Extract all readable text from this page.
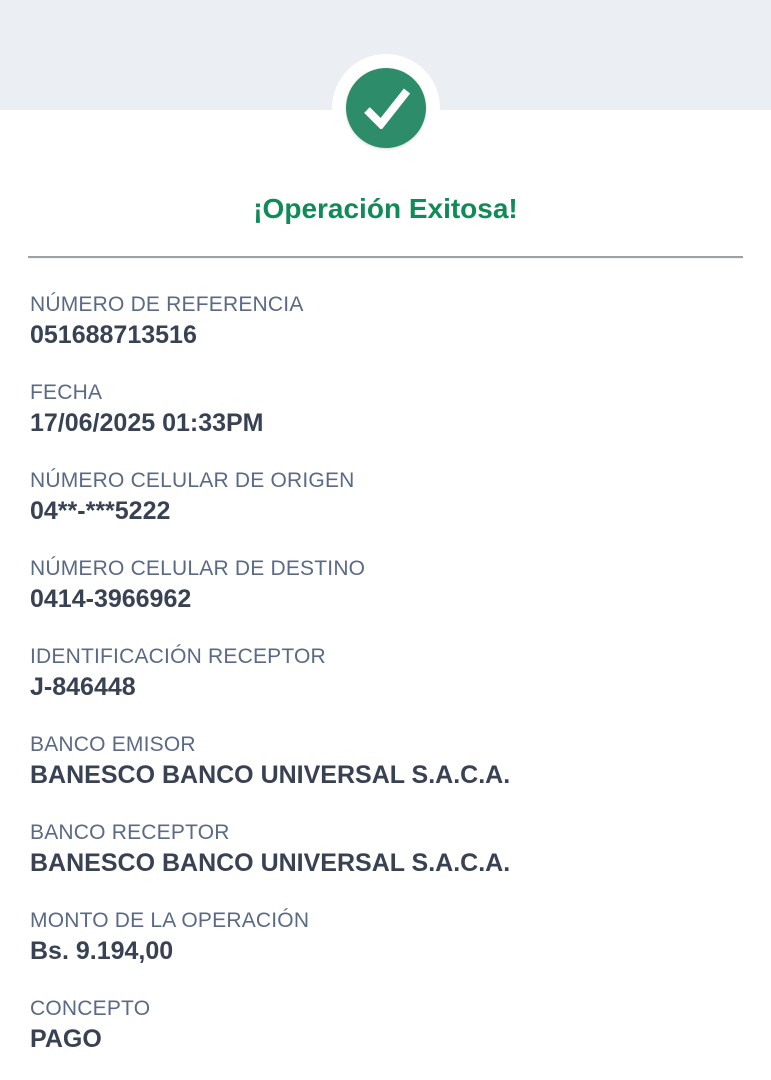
¡Operación Exitosa!
NÚMERO DE REFERENCIA
051688713516
FECHA
17/06/2025 01:33PM
NÚMERO CELULAR DE ORIGEN
04**-***5222
NÚMERO CELULAR DE DESTINO
0414-3966962
IDENTIFICACIÓN RECEPTOR
J-846448
BANCO EMISOR
BANESCO BANCO UNIVERSAL S.A.C.A.
BANCO RECEPTOR
BANESCO BANCO UNIVERSAL S.A.C.A.
MONTO DE LA OPERACIÓN
Bs. 9.194,00
CONCEPTO
PAGO
